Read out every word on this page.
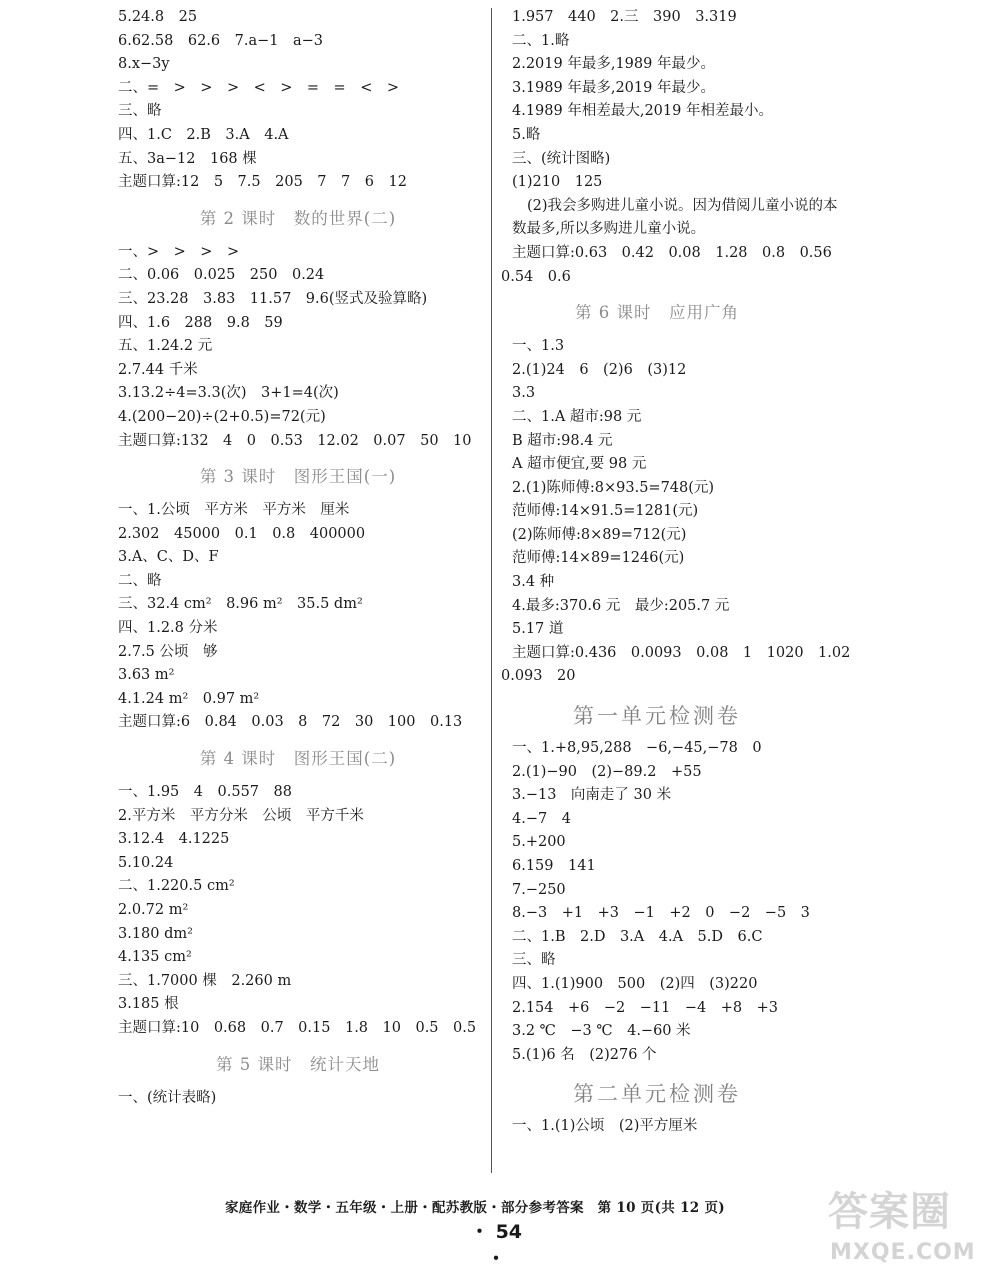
5.24.8　25
6.62.58　62.6　7.a−1　a−3
8.x−3y
二、=　>　>　>　<　>　=　=　<　>
三、略
四、1.C　2.B　3.A　4.A
五、3a−12　168 棵
主题口算:12　5　7.5　205　7　7　6　12
第 2 课时　数的世界(二)
一、>　>　>　>
二、0.06　0.025　250　0.24
三、23.28　3.83　11.57　9.6(竖式及验算略)
四、1.6　288　9.8　59
五、1.24.2 元
2.7.44 千米
3.13.2÷4=3.3(次)　3+1=4(次)
4.(200−20)÷(2+0.5)=72(元)
主题口算:132　4　0　0.53　12.02　0.07　50　10
第 3 课时　图形王国(一)
一、1.公顷　平方米　平方米　厘米
2.302　45000　0.1　0.8　400000
3.A、C、D、F
二、略
三、32.4 cm²　8.96 m²　35.5 dm²
四、1.2.8 分米
2.7.5 公顷　够
3.63 m²
4.1.24 m²　0.97 m²
主题口算:6　0.84　0.03　8　72　30　100　0.13
第 4 课时　图形王国(二)
一、1.95　4　0.557　88
2.平方米　平方分米　公顷　平方千米
3.12.4　4.1225
5.10.24
二、1.220.5 cm²
2.0.72 m²
3.180 dm²
4.135 cm²
三、1.7000 棵　2.260 m
3.185 根
主题口算:10　0.68　0.7　0.15　1.8　10　0.5　0.5
第 5 课时　统计天地
一、(统计表略)
1.957　440　2.三　390　3.319
二、1.略
2.2019 年最多,1989 年最少。
3.1989 年最多,2019 年最少。
4.1989 年相差最大,2019 年相差最小。
5.略
三、(统计图略)
(1)210　125
(2)我会多购进儿童小说。因为借阅儿童小说的本
数最多,所以多购进儿童小说。
主题口算:0.63　0.42　0.08　1.28　0.8　0.56
0.54　0.6
第 6 课时　应用广角
一、1.3
2.(1)24　6　(2)6　(3)12
3.3
二、1.A 超市:98 元
B 超市:98.4 元
A 超市便宜,要 98 元
2.(1)陈师傅:8×93.5=748(元)
范师傅:14×91.5=1281(元)
(2)陈师傅:8×89=712(元)
范师傅:14×89=1246(元)
3.4 种
4.最多:370.6 元　最少:205.7 元
5.17 道
主题口算:0.436　0.0093　0.08　1　1020　1.02
0.093　20
第一单元检测卷
一、1.+8,95,288　−6,−45,−78　0
2.(1)−90　(2)−89.2　+55
3.−13　向南走了 30 米
4.−7　4
5.+200
6.159　141
7.−250
8.−3　+1　+3　−1　+2　0　−2　−5　3
二、1.B　2.D　3.A　4.A　5.D　6.C
三、略
四、1.(1)900　500　(2)四　(3)220
2.154　+6　−2　−11　−4　+8　+3
3.2 ℃　−3 ℃　4.−60 米
5.(1)6 名　(2)276 个
第二单元检测卷
一、1.(1)公顷　(2)平方厘米
家庭作业・数学・五年级・上册・配苏教版・部分参考答案　第 10 页(共 12 页)
・ 54 ・
答案圈
MXQE.COM
